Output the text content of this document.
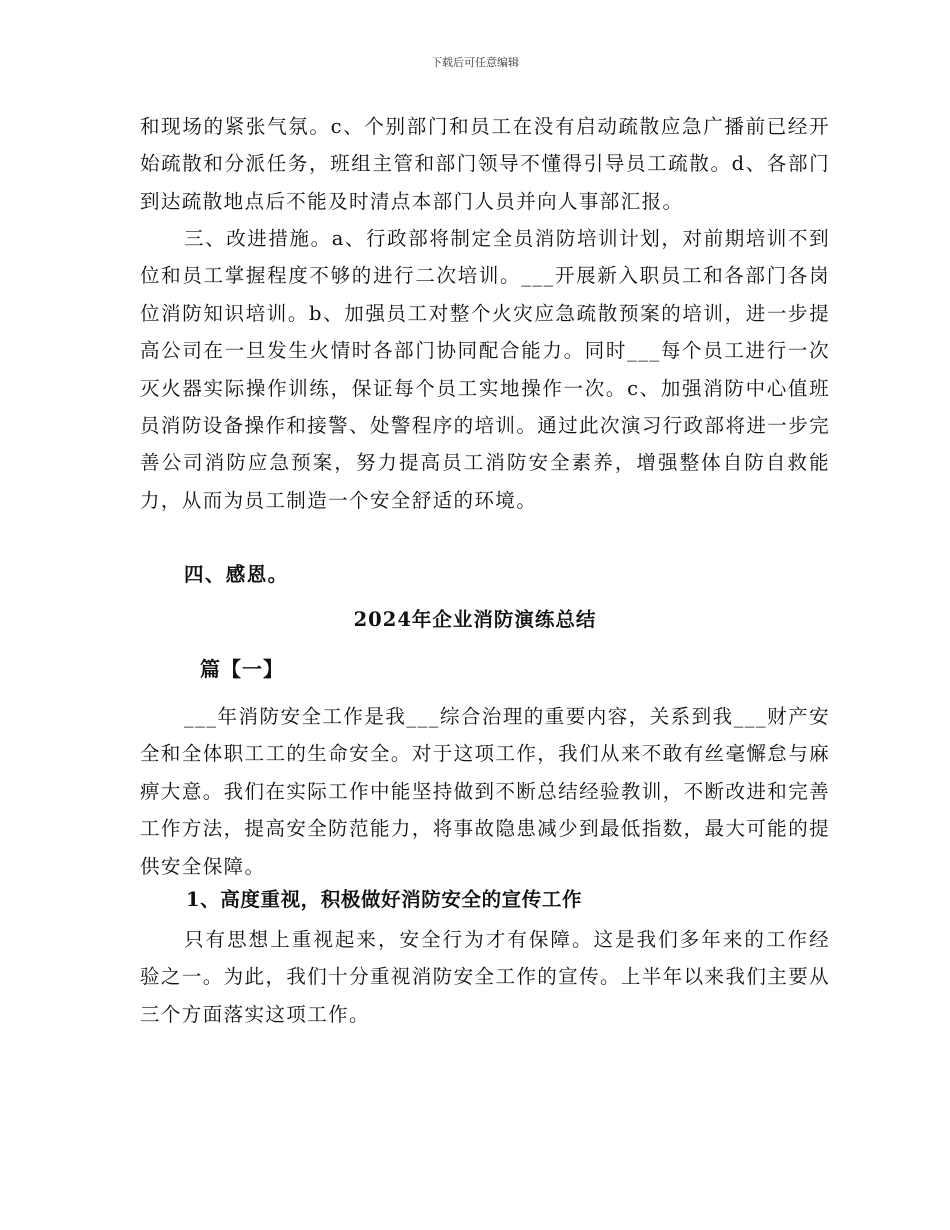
下载后可任意编辑

和现场的紧张气氛。c、个别部门和员工在没有启动疏散应急广播前已经开始疏散和分派任务，班组主管和部门领导不懂得引导员工疏散。d、各部门到达疏散地点后不能及时清点本部门人员并向人事部汇报。

三、改进措施。a、行政部将制定全员消防培训计划，对前期培训不到位和员工掌握程度不够的进行二次培训。___开展新入职员工和各部门各岗位消防知识培训。b、加强员工对整个火灾应急疏散预案的培训，进一步提高公司在一旦发生火情时各部门协同配合能力。同时___每个员工进行一次灭火器实际操作训练，保证每个员工实地操作一次。c、加强消防中心值班员消防设备操作和接警、处警程序的培训。通过此次演习行政部将进一步完善公司消防应急预案，努力提高员工消防安全素养，增强整体自防自救能力，从而为员工制造一个安全舒适的环境。

四、感恩。

2024年企业消防演练总结
篇【一】

___年消防安全工作是我___综合治理的重要内容，关系到我___财产安全和全体职工工的生命安全。对于这项工作，我们从来不敢有丝毫懈怠与麻痹大意。我们在实际工作中能坚持做到不断总结经验教训，不断改进和完善工作方法，提高安全防范能力，将事故隐患减少到最低指数，最大可能的提供安全保障。

1、高度重视，积极做好消防安全的宣传工作

只有思想上重视起来，安全行为才有保障。这是我们多年来的工作经验之一。为此，我们十分重视消防安全工作的宣传。上半年以来我们主要从三个方面落实这项工作。
